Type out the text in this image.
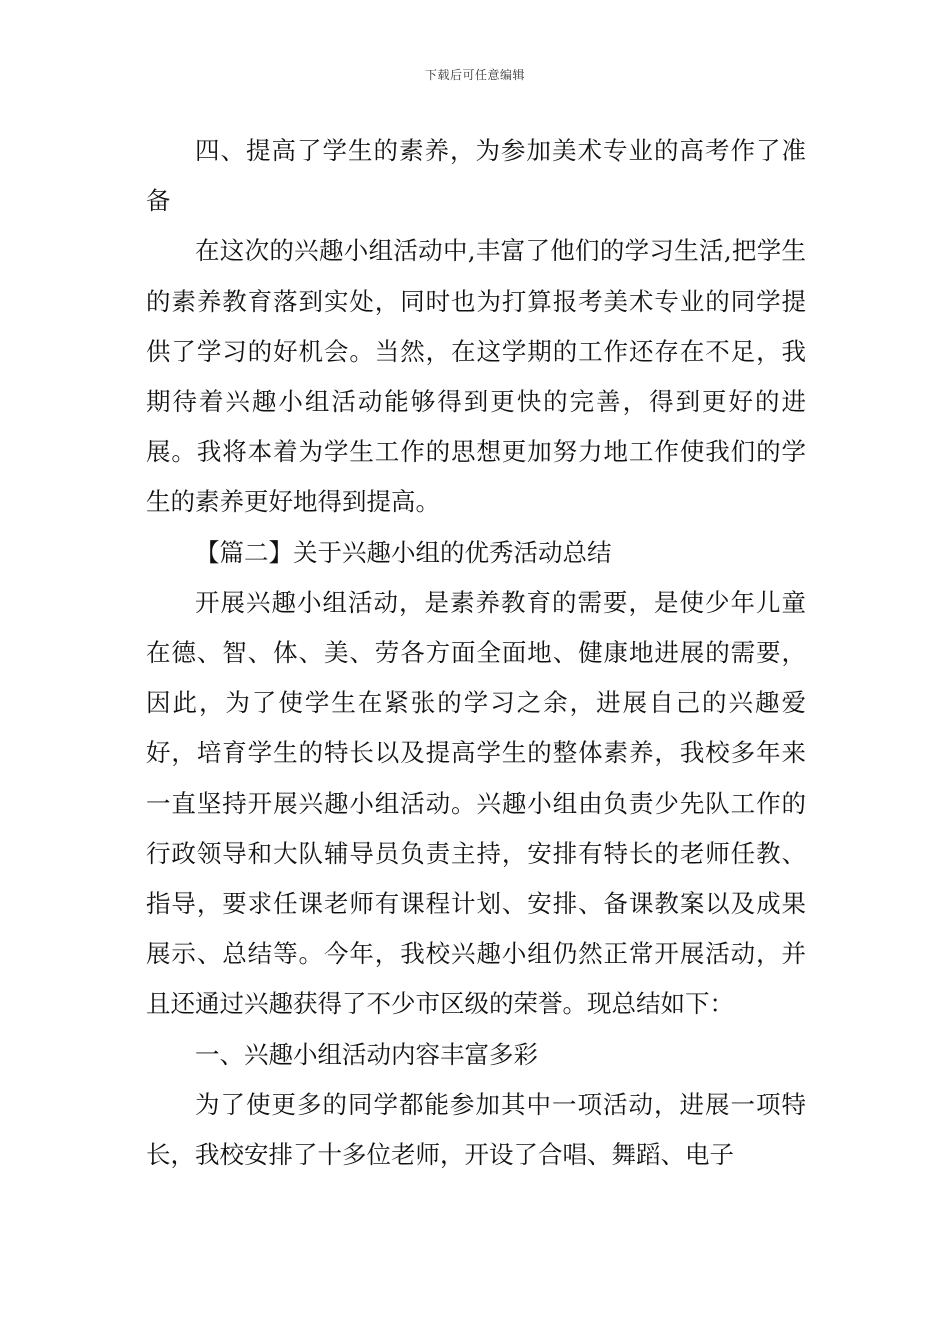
下载后可任意编辑

四、提高了学生的素养，为参加美术专业的高考作了准备

在这次的兴趣小组活动中,丰富了他们的学习生活,把学生的素养教育落到实处，同时也为打算报考美术专业的同学提供了学习的好机会。当然，在这学期的工作还存在不足，我期待着兴趣小组活动能够得到更快的完善，得到更好的进展。我将本着为学生工作的思想更加努力地工作使我们的学生的素养更好地得到提高。

【篇二】关于兴趣小组的优秀活动总结

开展兴趣小组活动，是素养教育的需要，是使少年儿童在德、智、体、美、劳各方面全面地、健康地进展的需要，因此，为了使学生在紧张的学习之余，进展自己的兴趣爱好，培育学生的特长以及提高学生的整体素养，我校多年来一直坚持开展兴趣小组活动。兴趣小组由负责少先队工作的行政领导和大队辅导员负责主持，安排有特长的老师任教、指导，要求任课老师有课程计划、安排、备课教案以及成果展示、总结等。今年，我校兴趣小组仍然正常开展活动，并且还通过兴趣获得了不少市区级的荣誉。现总结如下：

一、兴趣小组活动内容丰富多彩

为了使更多的同学都能参加其中一项活动，进展一项特长，我校安排了十多位老师，开设了合唱、舞蹈、电子
